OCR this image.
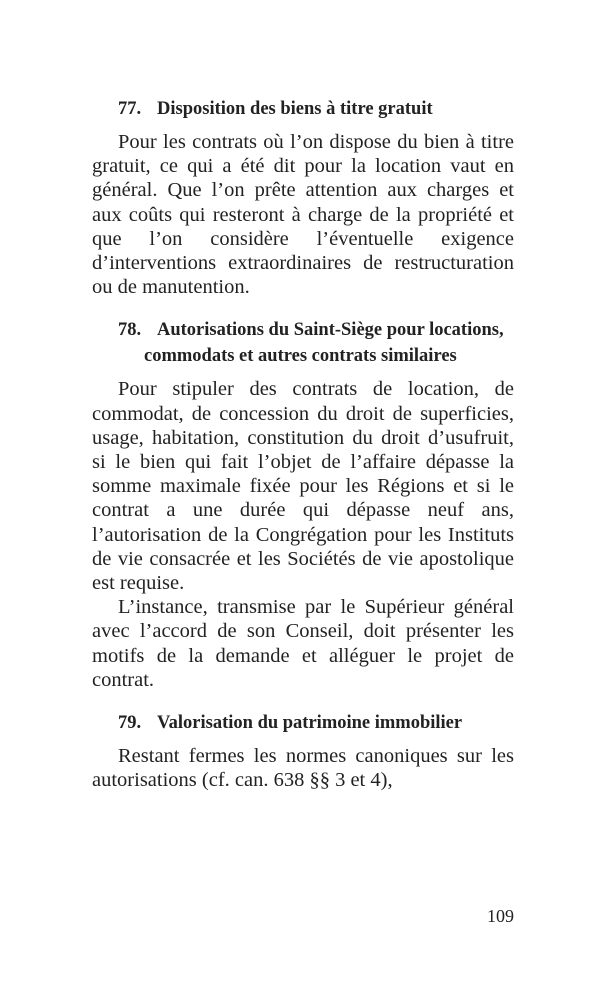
77. Disposition des biens à titre gratuit

Pour les contrats où l’on dispose du bien à titre gratuit, ce qui a été dit pour la location vaut en général. Que l’on prête attention aux charges et aux coûts qui resteront à charge de la propriété et que l’on considère l’éventuelle exigence d’interventions extraordinaires de restructuration ou de manutention.

78. Autorisations du Saint-Siège pour locations, commodats et autres contrats similaires

Pour stipuler des contrats de location, de commodat, de concession du droit de superficies, usage, habitation, constitution du droit d’usufruit, si le bien qui fait l’objet de l’affaire dépasse la somme maximale fixée pour les Régions et si le contrat a une durée qui dépasse neuf ans, l’autorisation de la Congrégation pour les Instituts de vie consacrée et les Sociétés de vie apostolique est requise.

L’instance, transmise par le Supérieur général avec l’accord de son Conseil, doit présenter les motifs de la demande et alléguer le projet de contrat.

79. Valorisation du patrimoine immobilier

Restant fermes les normes canoniques sur les autorisations (cf. can. 638 §§ 3 et 4),

109
